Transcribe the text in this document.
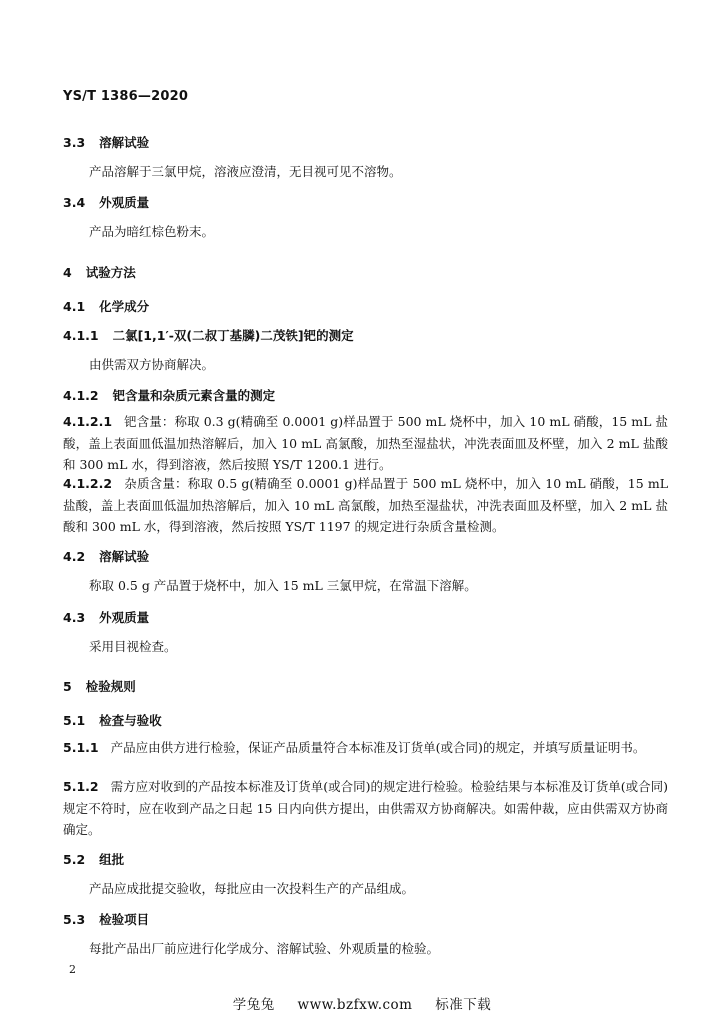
YS/T 1386—2020
3.3 溶解试验
产品溶解于三氯甲烷，溶液应澄清，无目视可见不溶物。
3.4 外观质量
产品为暗红棕色粉末。
4 试验方法
4.1 化学成分
4.1.1 二氯[1,1′-双(二叔丁基膦)二茂铁]钯的测定
由供需双方协商解决。
4.1.2 钯含量和杂质元素含量的测定
4.1.2.1 钯含量：称取 0.3 g(精确至 0.0001 g)样品置于 500 mL 烧杯中，加入 10 mL 硝酸，15 mL 盐酸，盖上表面皿低温加热溶解后，加入 10 mL 高氯酸，加热至湿盐状，冲洗表面皿及杯壁，加入 2 mL 盐酸和 300 mL 水，得到溶液，然后按照 YS/T 1200.1 进行。
4.1.2.2 杂质含量：称取 0.5 g(精确至 0.0001 g)样品置于 500 mL 烧杯中，加入 10 mL 硝酸，15 mL 盐酸，盖上表面皿低温加热溶解后，加入 10 mL 高氯酸，加热至湿盐状，冲洗表面皿及杯壁，加入 2 mL 盐酸和 300 mL 水，得到溶液，然后按照 YS/T 1197 的规定进行杂质含量检测。
4.2 溶解试验
称取 0.5 g 产品置于烧杯中，加入 15 mL 三氯甲烷，在常温下溶解。
4.3 外观质量
采用目视检查。
5 检验规则
5.1 检查与验收
5.1.1 产品应由供方进行检验，保证产品质量符合本标准及订货单(或合同)的规定，并填写质量证明书。
5.1.2 需方应对收到的产品按本标准及订货单(或合同)的规定进行检验。检验结果与本标准及订货单(或合同)规定不符时，应在收到产品之日起 15 日内向供方提出，由供需双方协商解决。如需仲裁，应由供需双方协商确定。
5.2 组批
产品应成批提交验收，每批应由一次投料生产的产品组成。
5.3 检验项目
每批产品出厂前应进行化学成分、溶解试验、外观质量的检验。
2
学兔兔 www.bzfxw.com 标准下载
